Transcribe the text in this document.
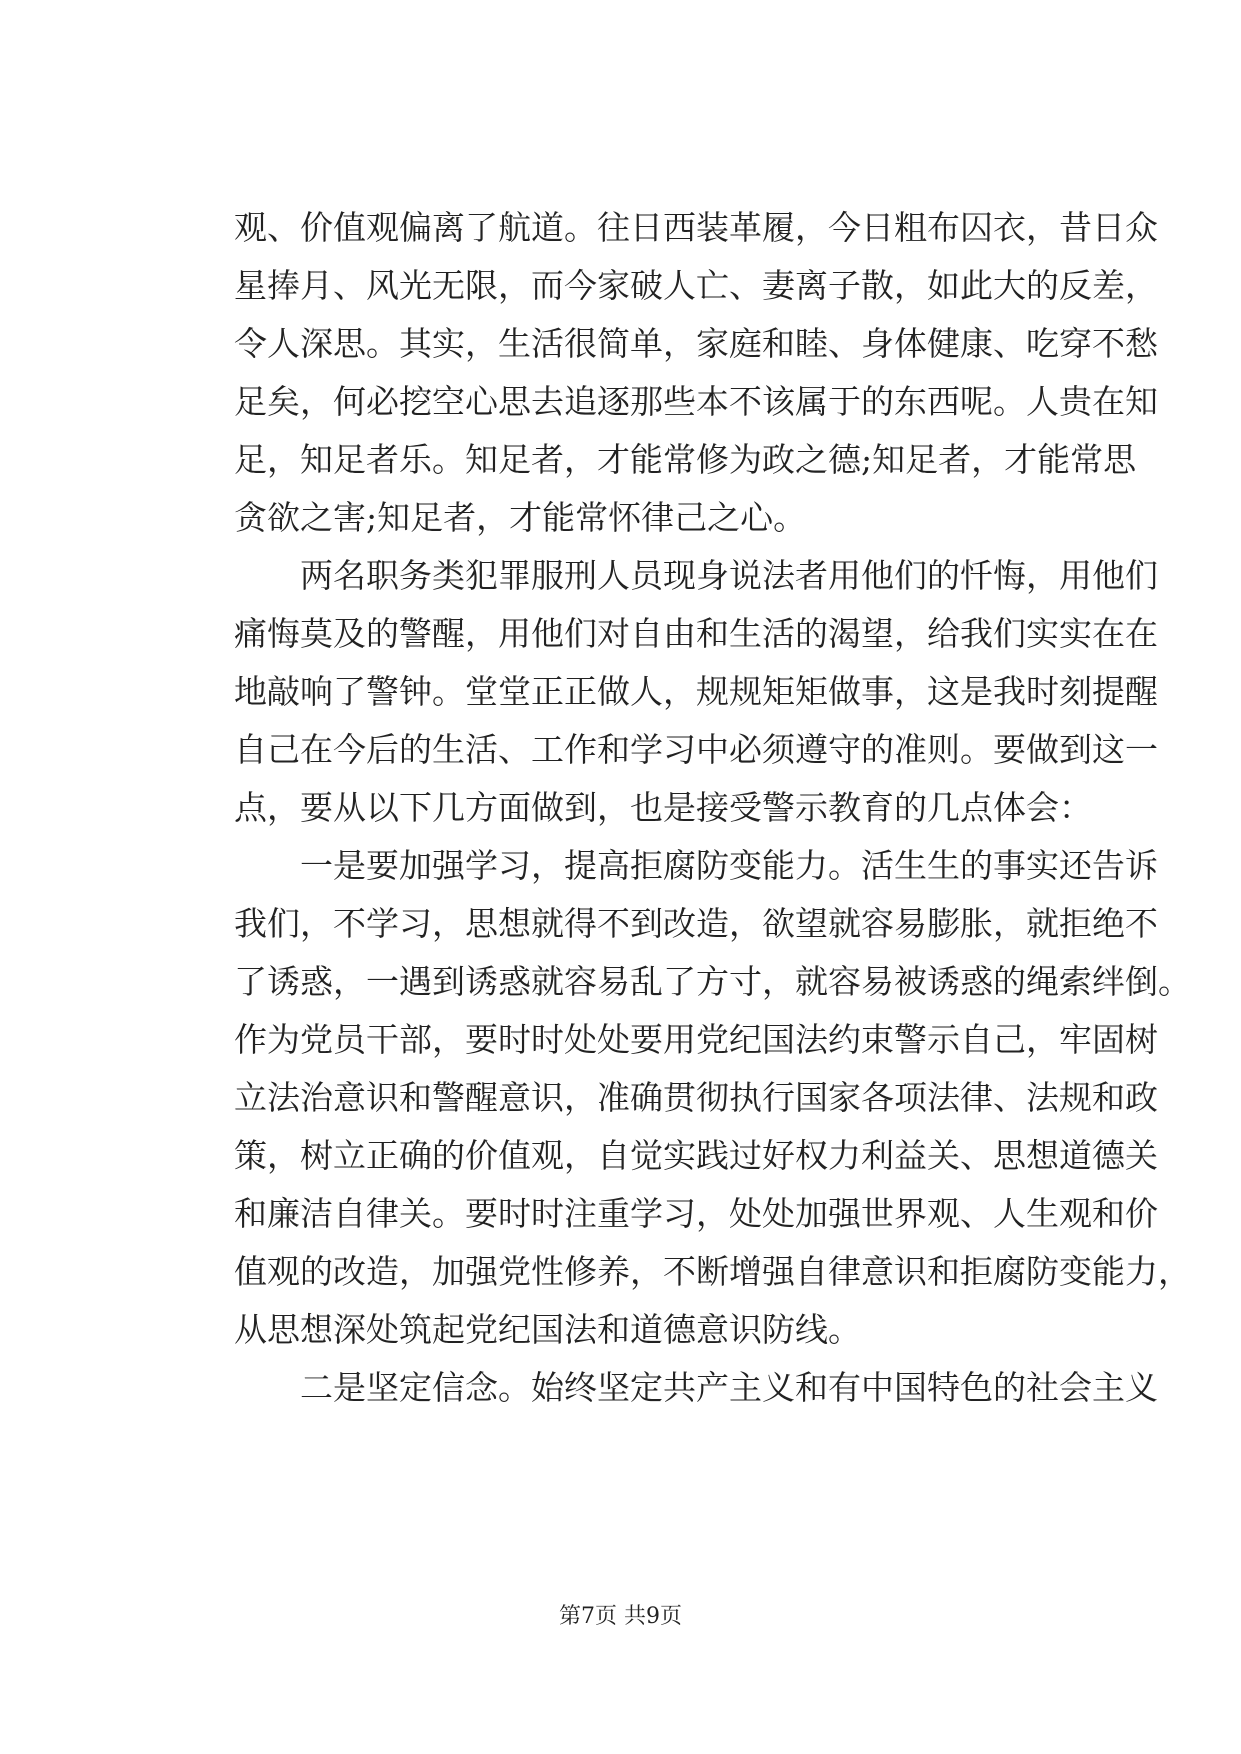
观、价值观偏离了航道。往日西装革履，今日粗布囚衣，昔日众
星捧月、风光无限，而今家破人亡、妻离子散，如此大的反差，
令人深思。其实，生活很简单，家庭和睦、身体健康、吃穿不愁
足矣，何必挖空心思去追逐那些本不该属于的东西呢。人贵在知
足，知足者乐。知足者，才能常修为政之德;知足者，才能常思
贪欲之害;知足者，才能常怀律己之心。
两名职务类犯罪服刑人员现身说法者用他们的忏悔，用他们
痛悔莫及的警醒，用他们对自由和生活的渴望，给我们实实在在
地敲响了警钟。堂堂正正做人，规规矩矩做事，这是我时刻提醒
自己在今后的生活、工作和学习中必须遵守的准则。要做到这一
点，要从以下几方面做到，也是接受警示教育的几点体会：
一是要加强学习，提高拒腐防变能力。活生生的事实还告诉
我们，不学习，思想就得不到改造，欲望就容易膨胀，就拒绝不
了诱惑，一遇到诱惑就容易乱了方寸，就容易被诱惑的绳索绊倒。
作为党员干部，要时时处处要用党纪国法约束警示自己，牢固树
立法治意识和警醒意识，准确贯彻执行国家各项法律、法规和政
策，树立正确的价值观，自觉实践过好权力利益关、思想道德关
和廉洁自律关。要时时注重学习，处处加强世界观、人生观和价
值观的改造，加强党性修养，不断增强自律意识和拒腐防变能力，
从思想深处筑起党纪国法和道德意识防线。
二是坚定信念。始终坚定共产主义和有中国特色的社会主义
第7页 共9页
